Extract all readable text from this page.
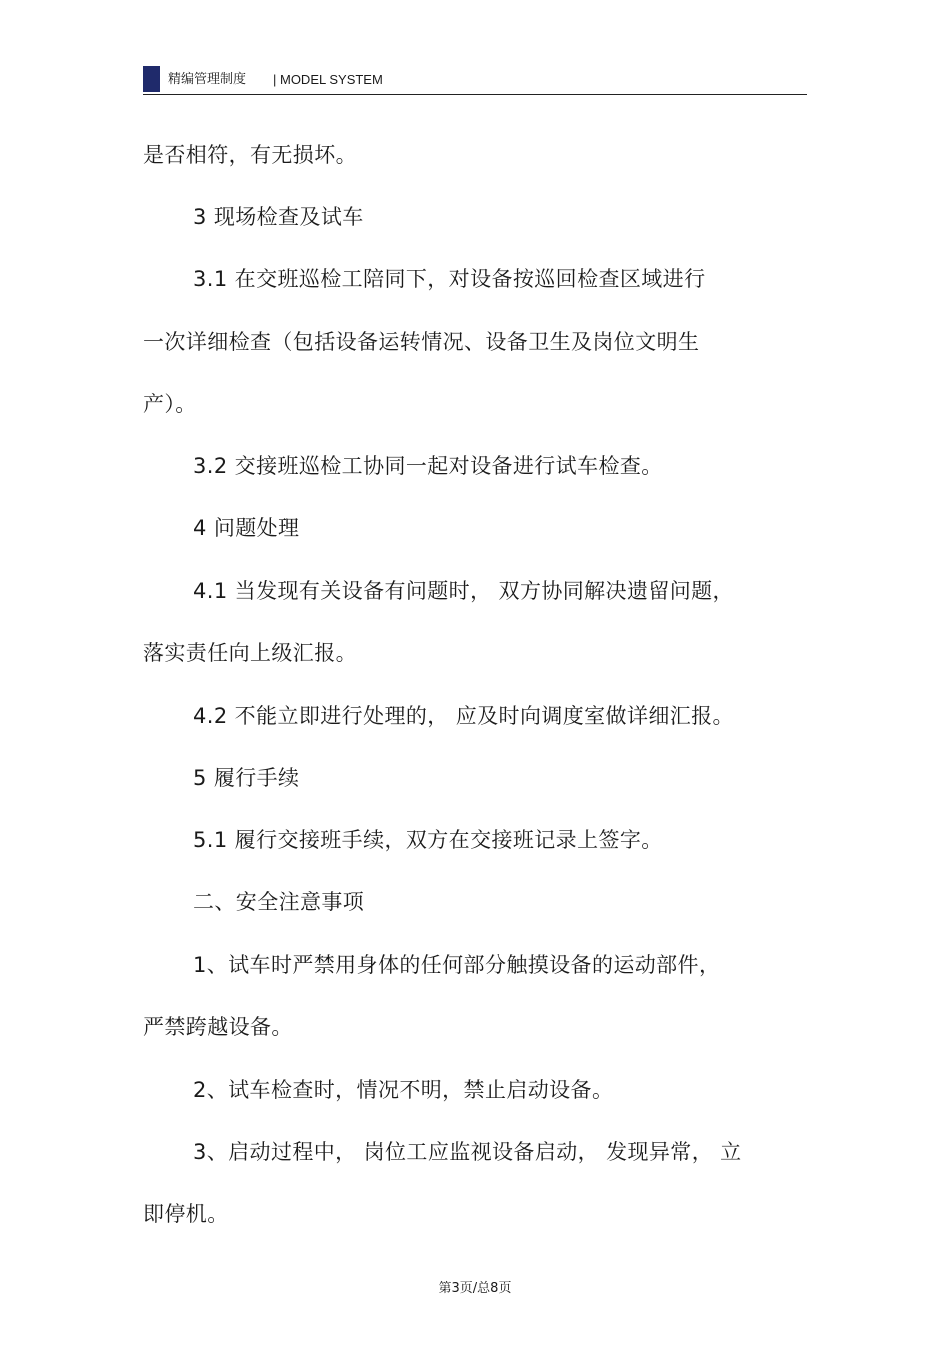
精编管理制度 | MODEL SYSTEM
是否相符，有无损坏。
3 现场检查及试车
3.1 在交班巡检工陪同下，对设备按巡回检查区域进行
一次详细检查（包括设备运转情况、设备卫生及岗位文明生
产）。
3.2 交接班巡检工协同一起对设备进行试车检查。
4 问题处理
4.1 当发现有关设备有问题时， 双方协同解决遗留问题，
落实责任向上级汇报。
4.2 不能立即进行处理的， 应及时向调度室做详细汇报。
5 履行手续
5.1 履行交接班手续，双方在交接班记录上签字。
二、安全注意事项
1、试车时严禁用身体的任何部分触摸设备的运动部件，
严禁跨越设备。
2、试车检查时，情况不明，禁止启动设备。
3、启动过程中， 岗位工应监视设备启动， 发现异常， 立
即停机。
第3页/总8页
